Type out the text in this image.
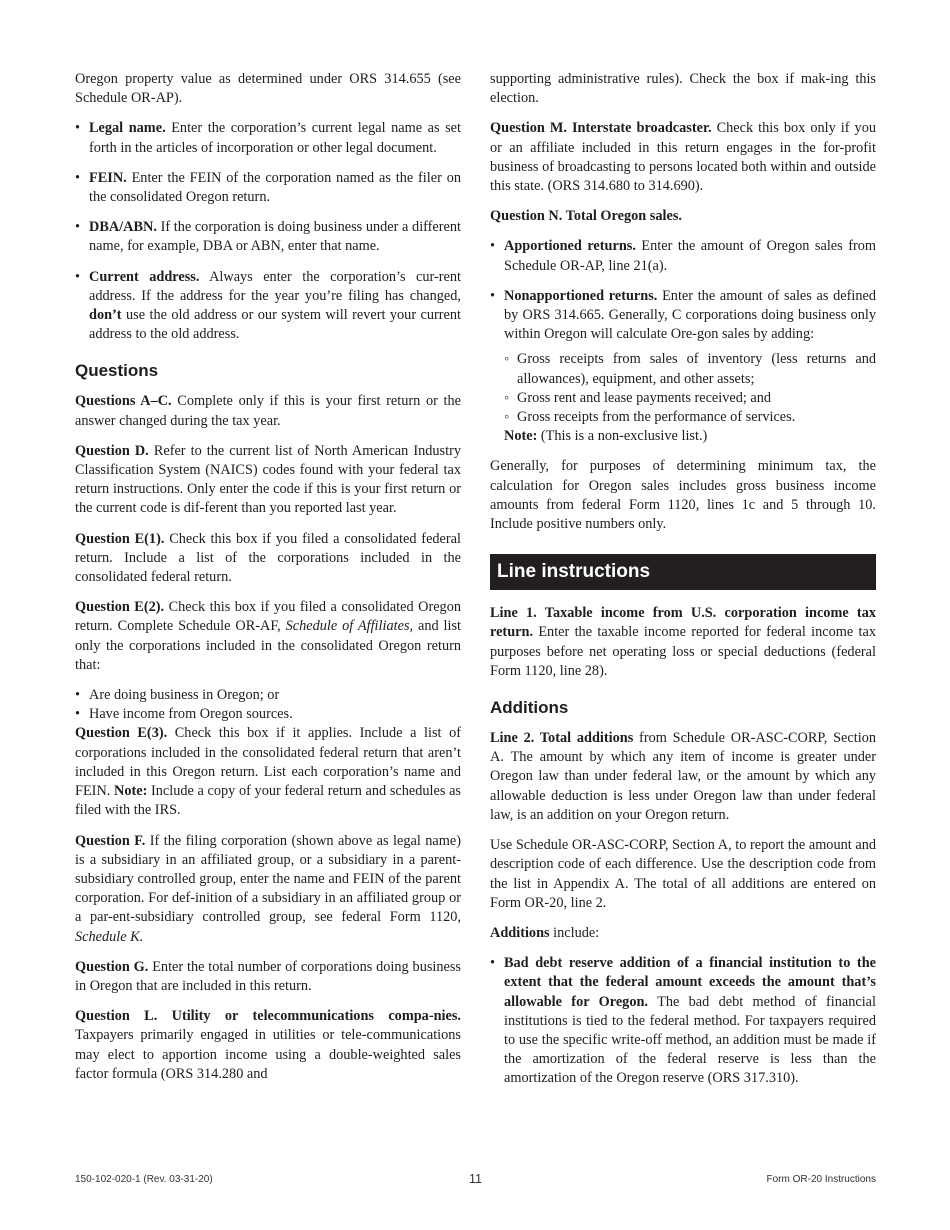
Oregon property value as determined under ORS 314.655 (see Schedule OR-AP).

• Legal name. Enter the corporation’s current legal name as set forth in the articles of incorporation or other legal document.
• FEIN. Enter the FEIN of the corporation named as the filer on the consolidated Oregon return.
• DBA/ABN. If the corporation is doing business under a different name, for example, DBA or ABN, enter that name.
• Current address. Always enter the corporation’s cur-rent address. If the address for the year you’re filing has changed, don’t use the old address or our system will revert your current address to the old address.
Questions

Questions A–C. Complete only if this is your first return or the answer changed during the tax year.

Question D. Refer to the current list of North American Industry Classification System (NAICS) codes found with your federal tax return instructions. Only enter the code if this is your first return or the current code is dif-ferent than you reported last year.

Question E(1). Check this box if you filed a consolidated federal return. Include a list of the corporations included in the consolidated federal return.

Question E(2). Check this box if you filed a consolidated Oregon return. Complete Schedule OR-AF, Schedule of Affiliates, and list only the corporations included in the consolidated Oregon return that:

• Are doing business in Oregon; or
• Have income from Oregon sources.

Question E(3). Check this box if it applies. Include a list of corporations included in the consolidated federal return that aren’t included in this Oregon return. List each corporation’s name and FEIN. Note: Include a copy of your federal return and schedules as filed with the IRS.

Question F. If the filing corporation (shown above as legal name) is a subsidiary in an affiliated group, or a subsidiary in a parent-subsidiary controlled group, enter the name and FEIN of the parent corporation. For def-inition of a subsidiary in an affiliated group or a par-ent-subsidiary controlled group, see federal Form 1120, Schedule K.

Question G. Enter the total number of corporations doing business in Oregon that are included in this return.

Question L. Utility or telecommunications compa-nies. Taxpayers primarily engaged in utilities or tele-communications may elect to apportion income using a double-weighted sales factor formula (ORS 314.280 and

supporting administrative rules). Check the box if mak-ing this election.

Question M. Interstate broadcaster. Check this box only if you or an affiliate included in this return engages in the for-profit business of broadcasting to persons located both within and outside this state. (ORS 314.680 to 314.690).

Question N. Total Oregon sales.

• Apportioned returns. Enter the amount of Oregon sales from Schedule OR-AP, line 21(a).
• Nonapportioned returns. Enter the amount of sales as defined by ORS 314.665. Generally, C corporations doing business only within Oregon will calculate Ore-gon sales by adding:
◦ Gross receipts from sales of inventory (less returns and allowances), equipment, and other assets;
◦ Gross rent and lease payments received; and
◦ Gross receipts from the performance of services.

Note: (This is a non-exclusive list.)

Generally, for purposes of determining minimum tax, the calculation for Oregon sales includes gross business income amounts from federal Form 1120, lines 1c and 5 through 10. Include positive numbers only.

Line instructions

Line 1. Taxable income from U.S. corporation income tax return. Enter the taxable income reported for federal income tax purposes before net operating loss or special deductions (federal Form 1120, line 28).

Additions

Line 2. Total additions from Schedule OR-ASC-CORP, Section A. The amount by which any item of income is greater under Oregon law than under federal law, or the amount by which any allowable deduction is less under Oregon law than under federal law, is an addition on your Oregon return.

Use Schedule OR-ASC-CORP, Section A, to report the amount and description code of each difference. Use the description code from the list in Appendix A. The total of all additions are entered on Form OR-20, line 2.

Additions include:

• Bad debt reserve addition of a financial institution to the extent that the federal amount exceeds the amount that’s allowable for Oregon. The bad debt method of financial institutions is tied to the federal method. For taxpayers required to use the specific write-off method, an addition must be made if the amortization of the federal reserve is less than the amortization of the Oregon reserve (ORS 317.310).
150-102-020-1 (Rev. 03-31-20)	11	Form OR-20 Instructions
